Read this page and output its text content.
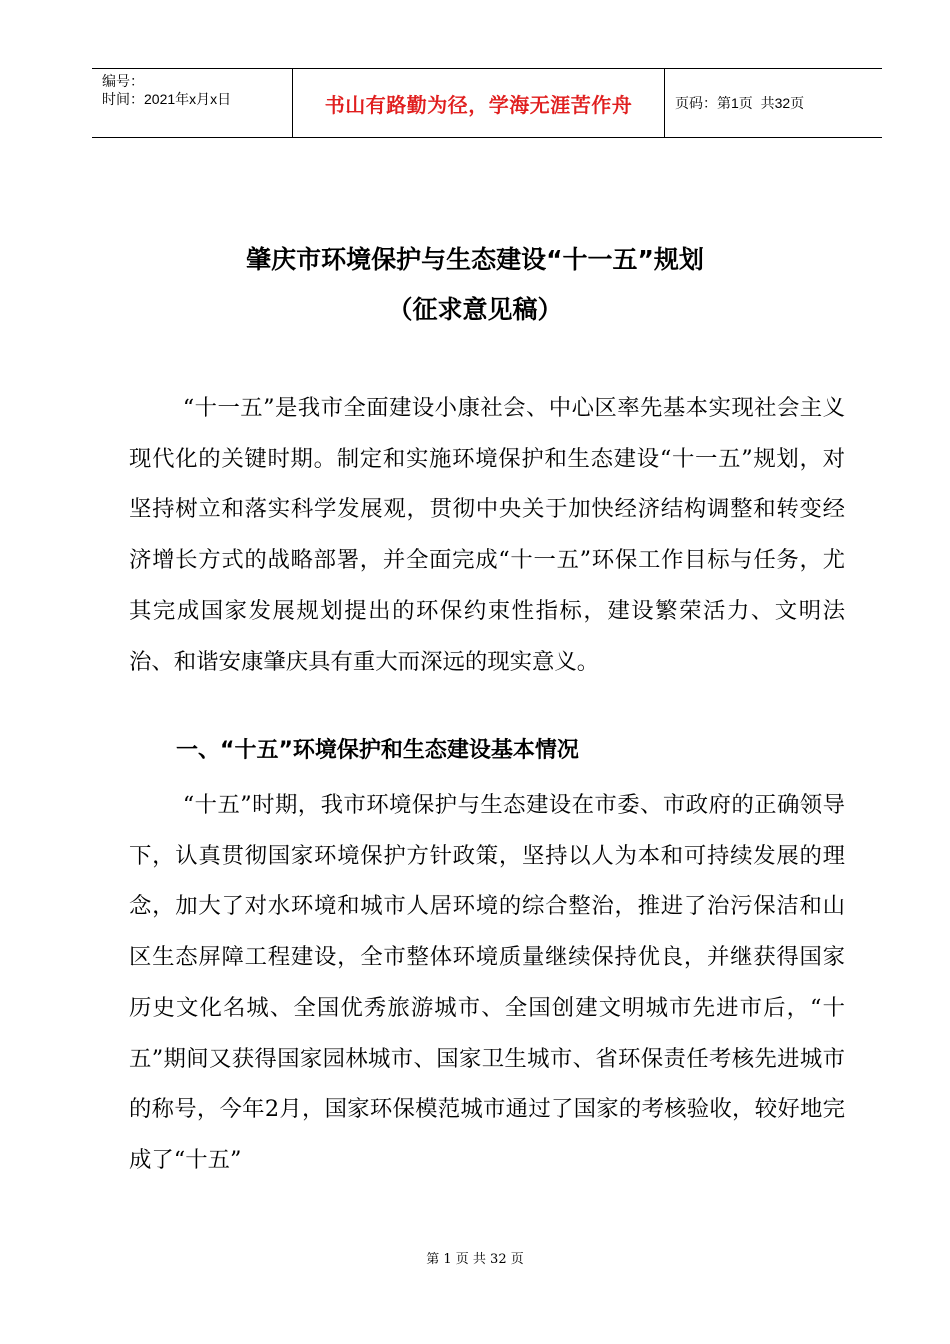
编号：
时间：2021年x月x日	书山有路勤为径，学海无涯苦作舟	页码：第1页  共32页
肇庆市环境保护与生态建设“十一五”规划
（征求意见稿）
“十一五”是我市全面建设小康社会、中心区率先基本实现社会主义现代化的关键时期。制定和实施环境保护和生态建设“十一五”规划，对坚持树立和落实科学发展观，贯彻中央关于加快经济结构调整和转变经济增长方式的战略部署，并全面完成“十一五”环保工作目标与任务，尤其完成国家发展规划提出的环保约束性指标，建设繁荣活力、文明法治、和谐安康肇庆具有重大而深远的现实意义。
一、“十五”环境保护和生态建设基本情况
“十五”时期，我市环境保护与生态建设在市委、市政府的正确领导下，认真贯彻国家环境保护方针政策，坚持以人为本和可持续发展的理念，加大了对水环境和城市人居环境的综合整治，推进了治污保洁和山区生态屏障工程建设，全市整体环境质量继续保持优良，并继获得国家历史文化名城、全国优秀旅游城市、全国创建文明城市先进市后，“十五”期间又获得国家园林城市、国家卫生城市、省环保责任考核先进城市的称号，今年2月，国家环保模范城市通过了国家的考核验收，较好地完成了“十五”
第 1 页 共 32 页
